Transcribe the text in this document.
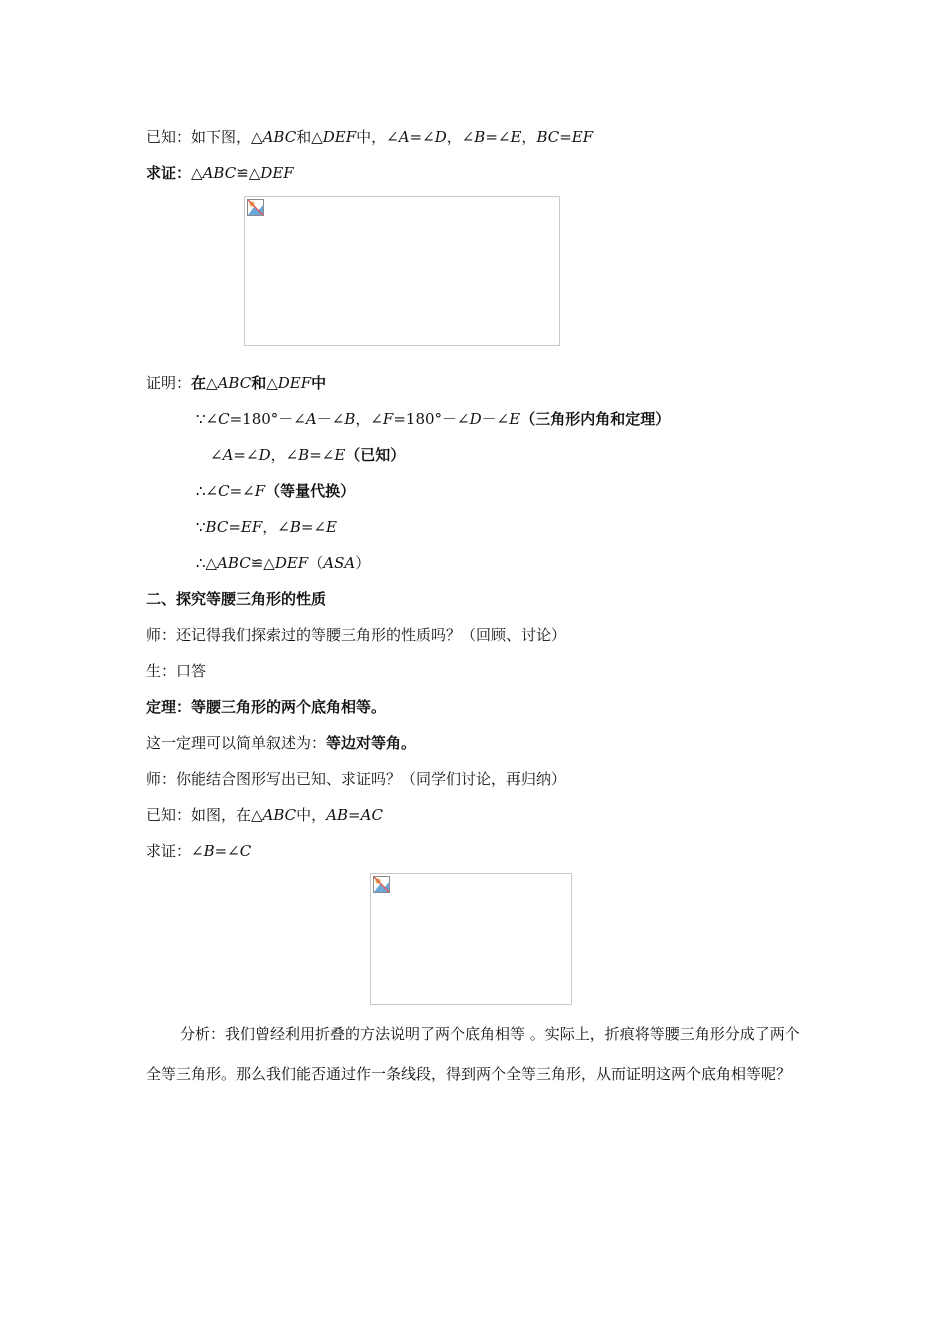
已知：如下图，△ABC和△DEF中，∠A=∠D，∠B=∠E，BC=EF
求证：△ABC≌△DEF
证明：在△ABC和△DEF中
∵∠C=180°－∠A－∠B，∠F=180°－∠D－∠E（三角形内角和定理）
∠A=∠D，∠B=∠E（已知）
∴∠C=∠F（等量代换）
∵BC=EF，∠B=∠E
∴△ABC≌△DEF（ASA）
二、探究等腰三角形的性质
师：还记得我们探索过的等腰三角形的性质吗？（回顾、讨论）
生：口答
定理：等腰三角形的两个底角相等。
这一定理可以简单叙述为：等边对等角。
师：你能结合图形写出已知、求证吗？（同学们讨论，再归纳）
已知：如图，在△ABC中，AB=AC
求证：∠B=∠C
分析：我们曾经利用折叠的方法说明了两个底角相等 。实际上，折痕将等腰三角形分成了两个全等三角形。那么我们能否通过作一条线段，得到两个全等三角形，从而证明这两个底角相等呢？
